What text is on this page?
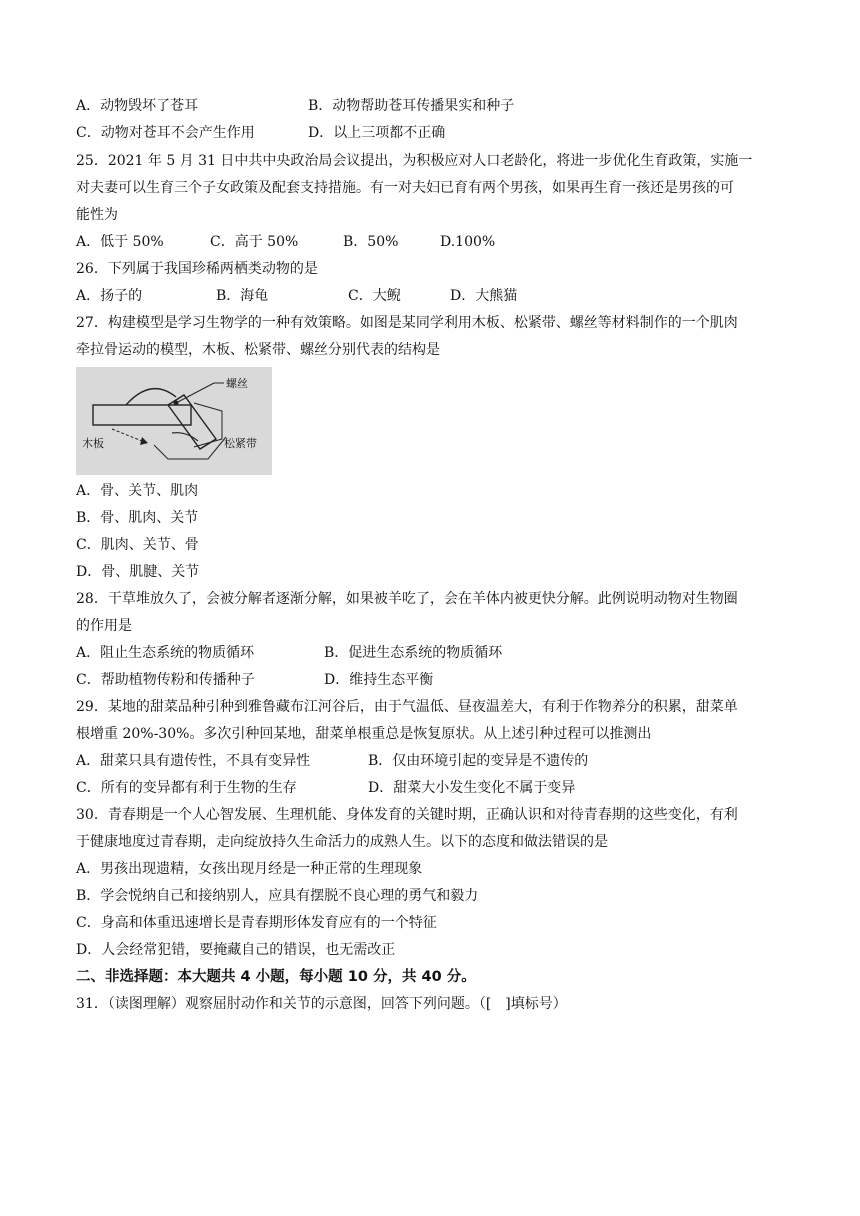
A．动物毁坏了苍耳	B．动物帮助苍耳传播果实和种子
C．动物对苍耳不会产生作用	D．以上三项都不正确
25．2021 年 5 月 31 日中共中央政治局会议提出，为积极应对人口老龄化，将进一步优化生育政策，实施一
对夫妻可以生育三个子女政策及配套支持措施。有一对夫妇已育有两个男孩，如果再生育一孩还是男孩的可
能性为
A．低于 50%	C．高于 50%	B．50%	D.100%
26．下列属于我国珍稀两栖类动物的是
A．扬子的	B．海龟	C．大鲵	D．大熊猫
27．构建模型是学习生物学的一种有效策略。如图是某同学利用木板、松紧带、螺丝等材料制作的一个肌肉
牵拉骨运动的模型，木板、松紧带、螺丝分别代表的结构是
螺丝
木板	松紧带
A．骨、关节、肌肉
B．骨、肌肉、关节
C．肌肉、关节、骨
D．骨、肌腱、关节
28．干草堆放久了，会被分解者逐渐分解，如果被羊吃了，会在羊体内被更快分解。此例说明动物对生物圈
的作用是
A．阻止生态系统的物质循环	B．促进生态系统的物质循环
C．帮助植物传粉和传播种子	D．维持生态平衡
29．某地的甜菜品种引种到雅鲁藏布江河谷后，由于气温低、昼夜温差大，有利于作物养分的积累，甜菜单
根增重 20%-30%。多次引种回某地，甜菜单根重总是恢复原状。从上述引种过程可以推测出
A．甜菜只具有遗传性，不具有变异性	B．仅由环境引起的变异是不遗传的
C．所有的变异都有利于生物的生存	D．甜菜大小发生变化不属于变异
30．青春期是一个人心智发展、生理机能、身体发育的关键时期，正确认识和对待青春期的这些变化，有利
于健康地度过青春期，走向绽放持久生命活力的成熟人生。以下的态度和做法错误的是
A．男孩出现遗精，女孩出现月经是一种正常的生理现象
B．学会悦纳自己和接纳别人，应具有摆脱不良心理的勇气和毅力
C．身高和体重迅速增长是青春期形体发育应有的一个特征
D．人会经常犯错，要掩藏自己的错误，也无需改正
二、非选择题：本大题共 4 小题，每小题 10 分，共 40 分。
31．（读图理解）观察屈肘动作和关节的示意图，回答下列问题。（[　]填标号）
